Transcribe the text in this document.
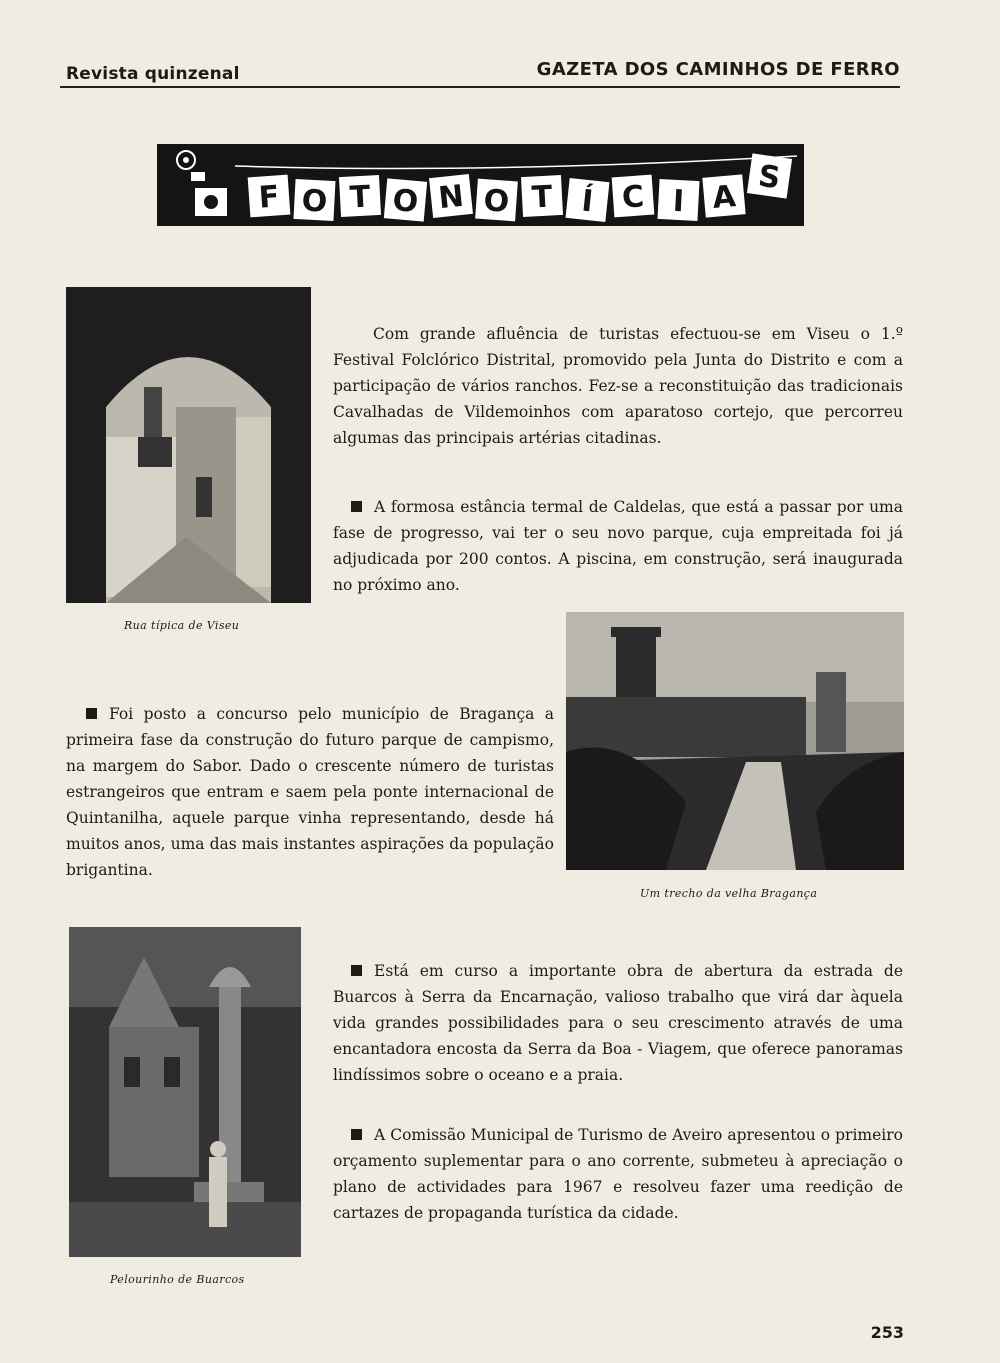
Revista quinzenal	GAZETA DOS CAMINHOS DE FERRO
F O T O N O T Í C I A
S
Rua típica de Viseu
Um trecho da velha Bragança
Pelourinho de Buarcos
Com grande afluência de turistas efectuou-se em Viseu o 1.º Festival Folclórico Distrital, promovido pela Junta do Distrito e com a participação de vários ranchos. Fez-se a reconstituição das tradicionais Cavalhadas de Vildemoinhos com aparatoso cortejo, que percorreu algumas das principais artérias citadinas.
A formosa estância termal de Caldelas, que está a passar por uma fase de progresso, vai ter o seu novo parque, cuja empreitada foi já adjudicada por 200 contos. A piscina, em construção, será inaugurada no próximo ano.
Foi posto a concurso pelo município de Bragança a primeira fase da construção do futuro parque de campismo, na margem do Sabor. Dado o crescente número de turistas estrangeiros que entram e saem pela ponte internacional de Quintanilha, aquele parque vinha representando, desde há muitos anos, uma das mais instantes aspirações da população brigantina.
Está em curso a importante obra de abertura da estrada de Buarcos à Serra da Encarnação, valioso trabalho que virá dar àquela vida grandes possibilidades para o seu crescimento através de uma encantadora encosta da Serra da Boa - Viagem, que oferece panoramas lindíssimos sobre o oceano e a praia.
A Comissão Municipal de Turismo de Aveiro apresentou o primeiro orçamento suplementar para o ano corrente, submeteu à apreciação o plano de actividades para 1967 e resolveu fazer uma reedição de cartazes de propaganda turística da cidade.
253
